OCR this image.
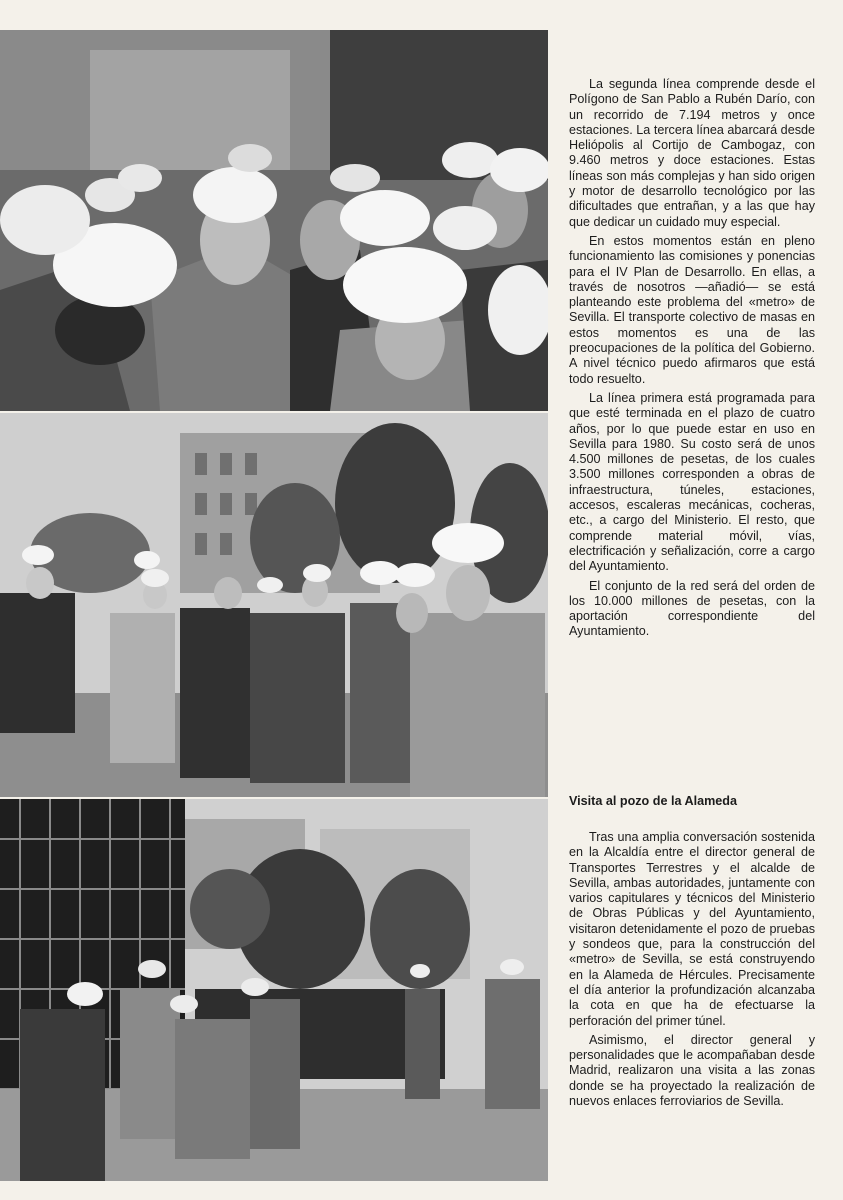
La segunda línea comprende desde el Polígono de San Pablo a Rubén Darío, con un recorrido de 7.194 metros y once estaciones. La tercera línea abarcará desde Heliópolis al Cortijo de Cambogaz, con 9.460 metros y doce estaciones. Estas líneas son más complejas y han sido origen y motor de desarrollo tecnológico por las dificultades que entrañan, y a las que hay que dedicar un cuidado muy especial.

En estos momentos están en pleno funcionamiento las comisiones y ponencias para el IV Plan de Desarrollo. En ellas, a través de nosotros —añadió— se está planteando este problema del «metro» de Sevilla. El transporte colectivo de masas en estos momentos es una de las preocupaciones de la política del Gobierno. A nivel técnico puedo afirmaros que está todo resuelto.

La línea primera está programada para que esté terminada en el plazo de cuatro años, por lo que puede estar en uso en Sevilla para 1980. Su costo será de unos 4.500 millones de pesetas, de los cuales 3.500 millones corresponden a obras de infraestructura, túneles, estaciones, accesos, escaleras mecánicas, cocheras, etc., a cargo del Ministerio. El resto, que comprende material móvil, vías, electrificación y señalización, corre a cargo del Ayuntamiento.

El conjunto de la red será del orden de los 10.000 millones de pesetas, con la aportación correspondiente del Ayuntamiento.

Visita al pozo de la Alameda

Tras una amplia conversación sostenida en la Alcaldía entre el director general de Transportes Terrestres y el alcalde de Sevilla, ambas autoridades, juntamente con varios capitulares y técnicos del Ministerio de Obras Públicas y del Ayuntamiento, visitaron detenidamente el pozo de pruebas y sondeos que, para la construcción del «metro» de Sevilla, se está construyendo en la Alameda de Hércules. Precisamente el día anterior la profundización alcanzaba la cota en que ha de efectuarse la perforación del primer túnel.

Asimismo, el director general y personalidades que le acompañaban desde Madrid, realizaron una visita a las zonas donde se ha proyectado la realización de nuevos enlaces ferroviarios de Sevilla.
